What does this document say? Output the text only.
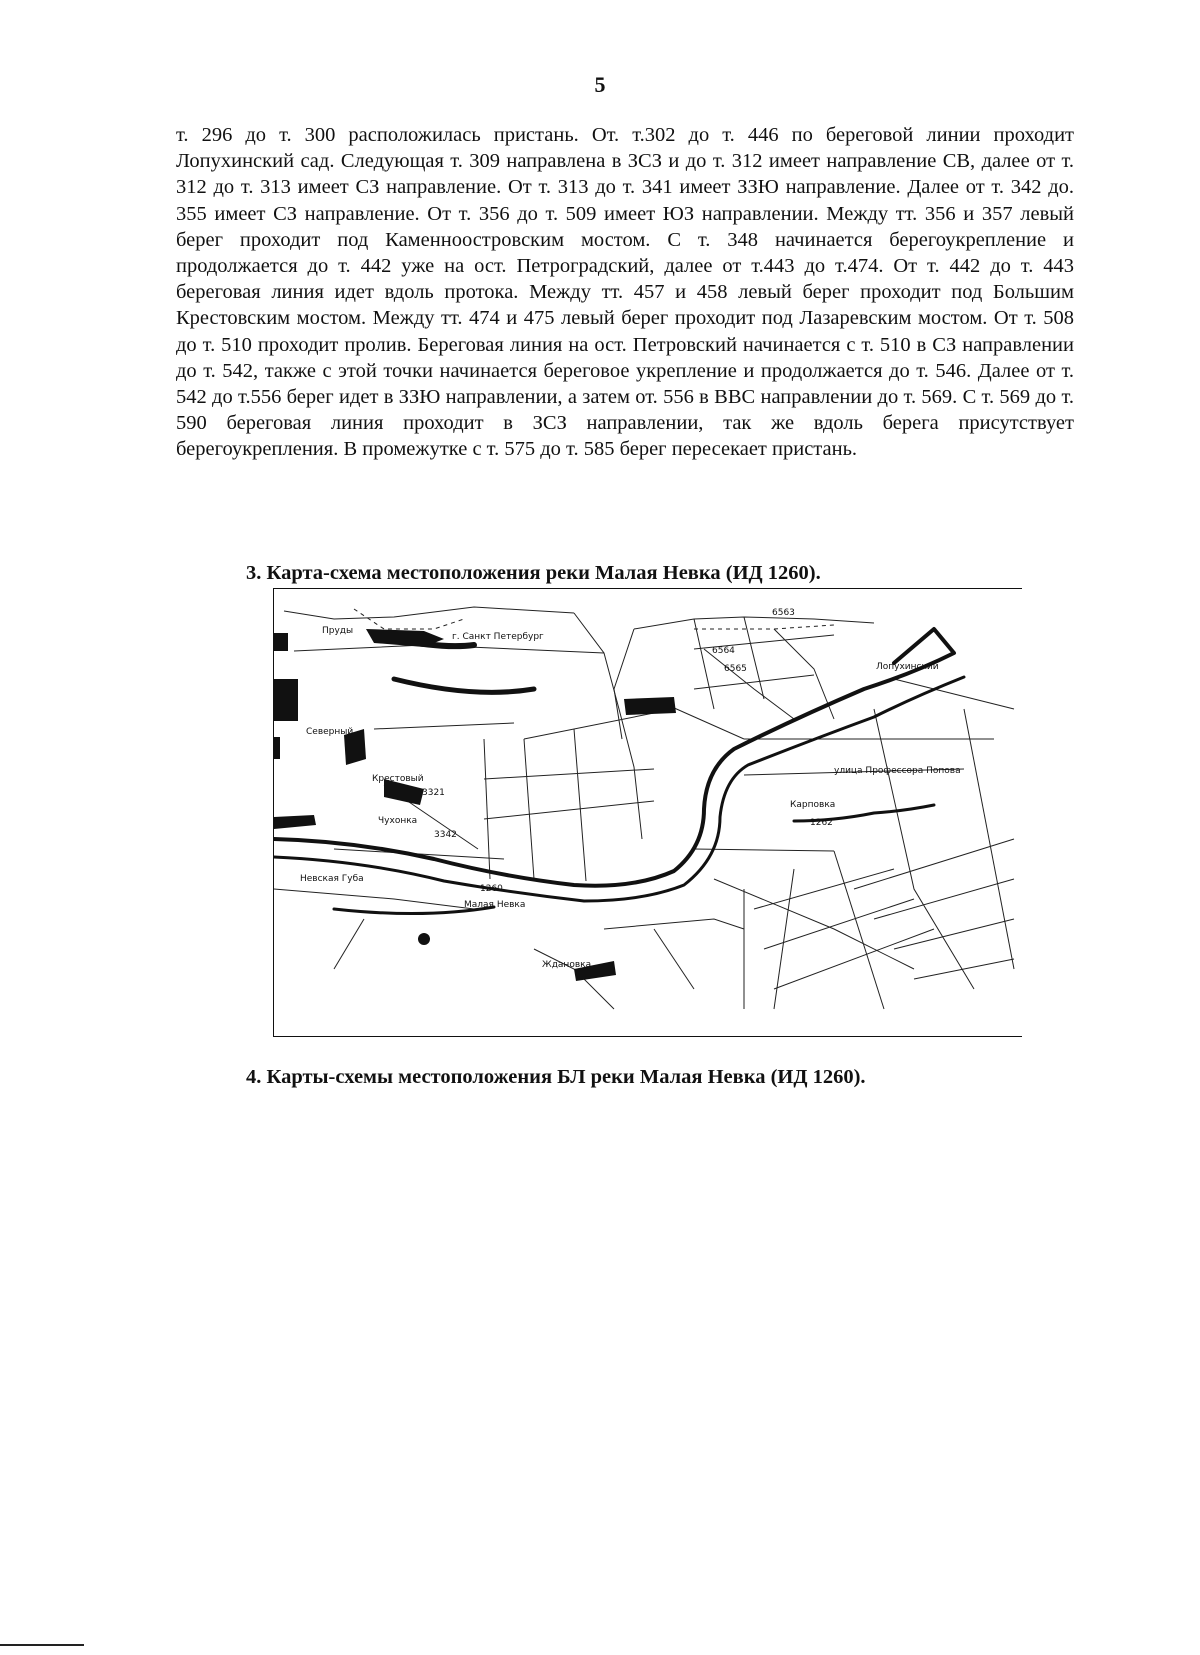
5

т. 296 до т. 300 расположилась пристань. От. т.302 до т. 446 по береговой линии проходит Лопухинский сад. Следующая т. 309 направлена в ЗСЗ и до т. 312 имеет направление СВ, далее от т. 312 до т. 313 имеет СЗ направление. От т. 313 до т. 341 имеет ЗЗЮ направление. Далее от т. 342 до. 355 имеет СЗ направление. От т. 356 до т. 509 имеет ЮЗ направлении. Между тт. 356 и 357 левый берег проходит под Каменноостровским мостом. С т. 348 начинается берегоукрепление и продолжается до т. 442 уже на ост. Петроградский, далее от т.443 до т.474. От т. 442 до т. 443 береговая линия идет вдоль протока. Между тт. 457 и 458 левый берег проходит под Большим Крестовским мостом. Между тт. 474 и 475 левый берег проходит под Лазаревским мостом. От т. 508 до т. 510 проходит пролив. Береговая линия на ост. Петровский начинается с т. 510 в СЗ направлении до т. 542, также с этой точки начинается береговое укрепление и продолжается до т. 546. Далее от т. 542 до т.556 берег идет в ЗЗЮ направлении, а затем от. 556 в ВВС направлении до т. 569. С т. 569 до т. 590 береговая линия проходит в ЗСЗ направлении, так же вдоль берега присутствует берегоукрепления. В промежутке с т. 575 до т. 585 берег пересекает пристань.

3. Карта-схема местоположения реки Малая Невка (ИД 1260).
Пруды
г. Санкт Петербург
Северный
Крестовый
3321
Чухонка
3342
Невская Губа
1260
Малая Невка
Ждановка
Карповка
1262
улица Профессора Попова
Лопухинский
6563
6564
6565
4. Карты-схемы местоположения БЛ реки Малая Невка (ИД 1260).
